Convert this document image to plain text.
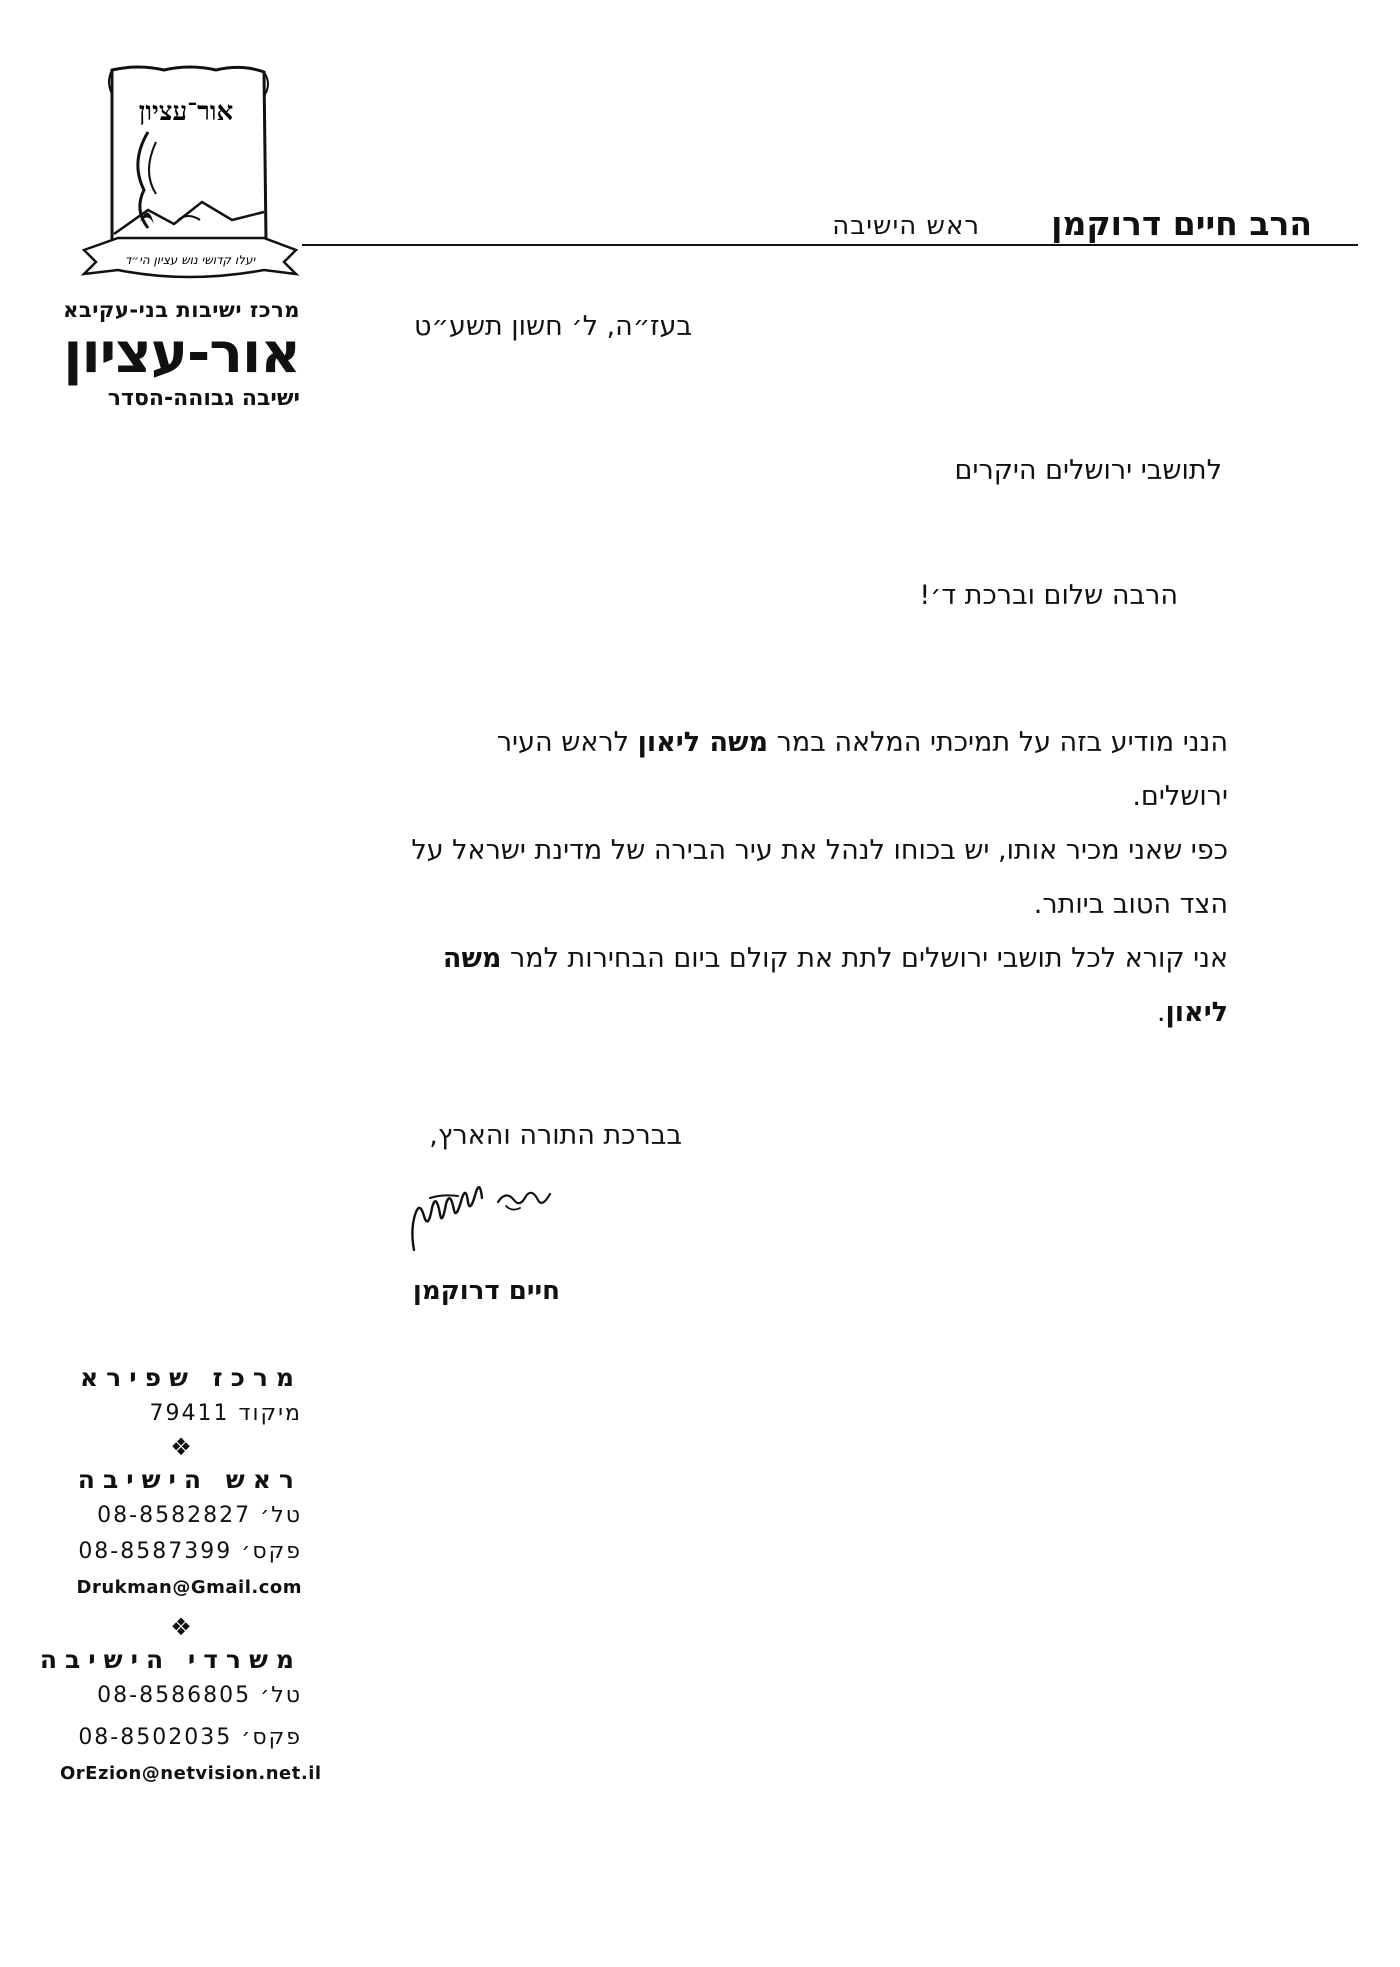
אור־עציון
יעלו קדושי נוש עציון הי״ד
הרב חיים דרוקמן
ראש הישיבה
מרכז ישיבות בני-עקיבא
אור-עציון
ישיבה גבוהה-הסדר
בעז״ה, ל׳ חשון תשע״ט
לתושבי ירושלים היקרים
הרבה שלום וברכת ד׳!

הנני מודיע בזה על תמיכתי המלאה במר משה ליאון לראש העיר ירושלים.

כפי שאני מכיר אותו, יש בכוחו לנהל את עיר הבירה של מדינת ישראל על הצד הטוב ביותר.

אני קורא לכל תושבי ירושלים לתת את קולם ביום הבחירות למר משה ליאון.

בברכת התורה והארץ,
חיים דרוקמן
מרכז שפירא
מיקוד 79411
❖
ראש הישיבה
טל׳ 08-8582827
פקס׳ 08-8587399
Drukman@Gmail.com
❖
משרדי הישיבה
טל׳ 08-8586805
פקס׳ 08-8502035
OrEzion@netvision.net.il
